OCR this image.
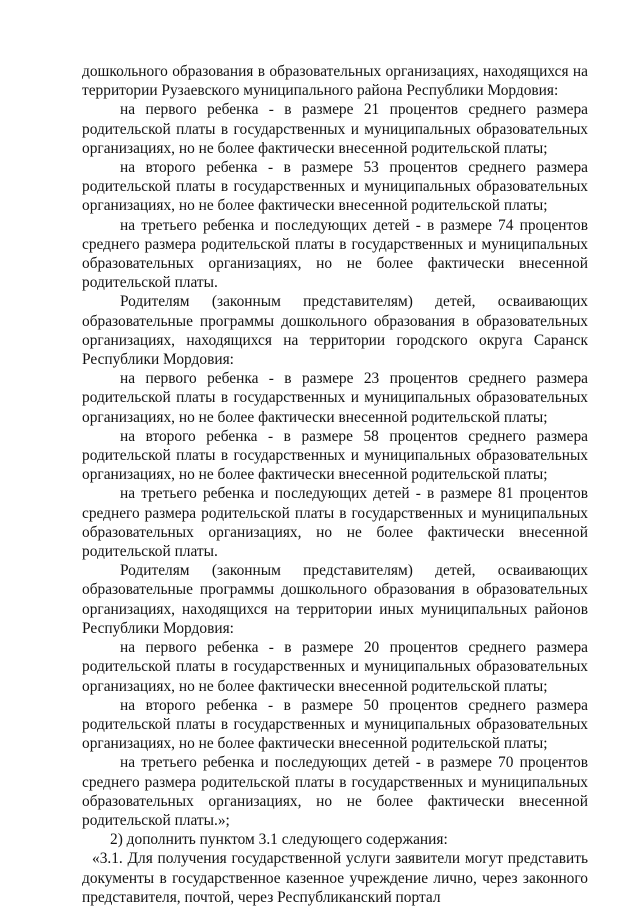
дошкольного образования в образовательных организациях, находящихся на территории Рузаевского муниципального района Республики Мордовия:

на первого ребенка - в размере 21 процентов среднего размера родительской платы в государственных и муниципальных образовательных организациях, но не более фактически внесенной родительской платы;

на второго ребенка - в размере 53 процентов среднего размера родительской платы в государственных и муниципальных образовательных организациях, но не более фактически внесенной родительской платы;

на третьего ребенка и последующих детей - в размере 74 процентов среднего размера родительской платы в государственных и муниципальных образовательных организациях, но не более фактически внесенной родительской платы.

Родителям (законным представителям) детей, осваивающих образовательные программы дошкольного образования в образовательных организациях, находящихся на территории городского округа Саранск Республики Мордовия:

на первого ребенка - в размере 23 процентов среднего размера родительской платы в государственных и муниципальных образовательных организациях, но не более фактически внесенной родительской платы;

на второго ребенка - в размере 58 процентов среднего размера родительской платы в государственных и муниципальных образовательных организациях, но не более фактически внесенной родительской платы;

на третьего ребенка и последующих детей - в размере 81 процентов среднего размера родительской платы в государственных и муниципальных образовательных организациях, но не более фактически внесенной родительской платы.

Родителям (законным представителям) детей, осваивающих образовательные программы дошкольного образования в образовательных организациях, находящихся на территории иных муниципальных районов Республики Мордовия:

на первого ребенка - в размере 20 процентов среднего размера родительской платы в государственных и муниципальных образовательных организациях, но не более фактически внесенной родительской платы;

на второго ребенка - в размере 50 процентов среднего размера родительской платы в государственных и муниципальных образовательных организациях, но не более фактически внесенной родительской платы;

на третьего ребенка и последующих детей - в размере 70 процентов среднего размера родительской платы в государственных и муниципальных образовательных организациях, но не более фактически внесенной родительской платы.»;

2) дополнить пунктом 3.1 следующего содержания:

«3.1. Для получения государственной услуги заявители могут представить документы в государственное казенное учреждение лично, через законного представителя, почтой, через Республиканский портал
